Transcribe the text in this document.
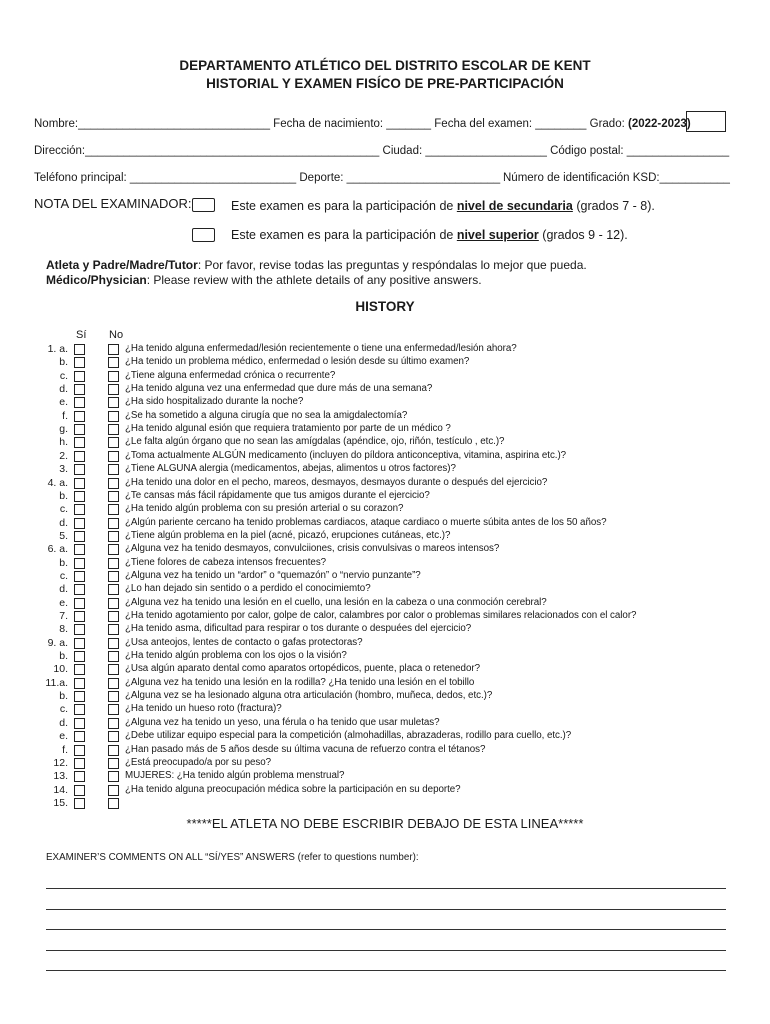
DEPARTAMENTO ATLÉTICO DEL DISTRITO ESCOLAR DE KENT
HISTORIAL Y EXAMEN FISÍCO DE PRE-PARTICIPACIÓN
Nombre:______________________________ Fecha de nacimiento: _______ Fecha del examen: ________ Grado: (2022-2023)
Dirección:______________________________________________ Ciudad: ___________________ Código postal: ________________
Teléfono principal: __________________________ Deporte: ________________________ Número de identificación KSD:___________
NOTA DEL EXAMINADOR:	Este examen es para la participación de nivel de secundaria (grados 7 - 8).
Este examen es para la participación de nivel superior (grados 9 - 12).
Atleta y Padre/Madre/Tutor: Por favor, revise todas las preguntas y respóndalas lo mejor que pueda.
Médico/Physician: Please review with the athlete details of any positive answers.
HISTORY
Sí No
1. a.	¿Ha tenido alguna enfermedad/lesión recientemente o tiene una enfermedad/lesión ahora?
b.	¿Ha tenido un problema médico, enfermedad o lesión desde su último examen?
c.	¿Tiene alguna enfermedad crónica o recurrente?
d.	¿Ha tenido alguna vez una enfermedad que dure más de una semana?
e.	¿Ha sido hospitalizado durante la noche?
f.	¿Se ha sometido a alguna cirugía que no sea la amigdalectomía?
g.	¿Ha tenido algunal esión que requiera tratamiento por parte de un médico ?
h.	¿Le falta algún órgano que no sean las amígdalas (apéndice, ojo, riñón, testículo , etc.)?
2.	¿Toma actualmente ALGÚN medicamento (incluyen do píldora anticonceptiva, vitamina, aspirina etc.)?
3.	¿Tiene ALGUNA alergia (medicamentos, abejas, alimentos u otros factores)?
4. a.	¿Ha tenido una dolor en el pecho, mareos, desmayos, desmayos durante o después del ejercicio?
b.	¿Te cansas más fácil rápidamente que tus amigos durante el ejercicio?
c.	¿Ha tenido algún problema con su presión arterial o su corazon?
d.	¿Algún pariente cercano ha tenido problemas cardiacos, ataque cardiaco o muerte súbita antes de los 50 años?
5.	¿Tiene algún problema en la piel (acné, picazó, erupciones cutáneas, etc.)?
6. a.	¿Alguna vez ha tenido desmayos, convulciiones, crisis convulsivas o mareos intensos?
b.	¿Tiene folores de cabeza intensos frecuentes?
c.	¿Alguna vez ha tenido un “ardor” o “quemazón” o “nervio punzante”?
d.	¿Lo han dejado sin sentido o a perdido el conocimiemto?
e.	¿Alguna vez ha tenido una lesión en el cuello, una lesión en la cabeza o una conmoción cerebral?
7.	¿Ha tenido agotamiento por calor, golpe de calor, calambres por calor o problemas similares relacionados con el calor?
8.	¿Ha tenido asma, dificultad para respirar o tos durante o despuées del ejercicio?
9. a.	¿Usa anteojos, lentes de contacto o gafas protectoras?
b.	¿Ha tenido algún problema con los ojos o la visión?
10.	¿Usa algún aparato dental como aparatos ortopédicos, puente, placa o retenedor?
11.a.	¿Alguna vez ha tenido una lesión en la rodilla? ¿Ha tenido una lesión en el tobillo
b.	¿Alguna vez se ha lesionado alguna otra articulación (hombro, muñeca, dedos, etc.)?
c.	¿Ha tenido un hueso roto (fractura)?
d.	¿Alguna vez ha tenido un yeso, una férula o ha tenido que usar muletas?
e.	¿Debe utilizar equipo especial para la competición (almohadillas, abrazaderas, rodillo para cuello, etc.)?
f.	¿Han pasado más de 5 años desde su última vacuna de refuerzo contra el tétanos?
12.	¿Está preocupado/a por su peso?
13.	MUJERES: ¿Ha tenido algún problema menstrual?
14.	¿Ha tenido alguna preocupación médica sobre la participación en su deporte?
15.
*****EL ATLETA NO DEBE ESCRIBIR DEBAJO DE ESTA LINEA*****
EXAMINER’S COMMENTS ON ALL “SÍ/YES” ANSWERS (refer to questions number):
